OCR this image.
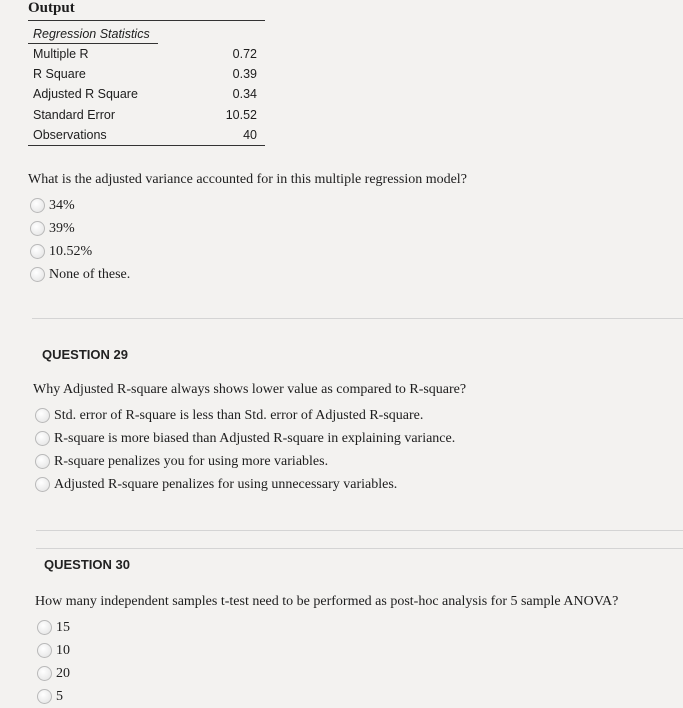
Output
Regression Statistics
Multiple R	0.72
R Square	0.39
Adjusted R Square	0.34
Standard Error	10.52
Observations	40

What is the adjusted variance accounted for in this multiple regression model?

34%
39%
10.52%
None of these.
QUESTION 29

Why Adjusted R-square always shows lower value as compared to R-square?

Std. error of R-square is less than Std. error of Adjusted R-square.
R-square is more biased than Adjusted R-square in explaining variance.
R-square penalizes you for using more variables.
Adjusted R-square penalizes for using unnecessary variables.
QUESTION 30

How many independent samples t-test need to be performed as post-hoc analysis for 5 sample ANOVA?

15
10
20
5
